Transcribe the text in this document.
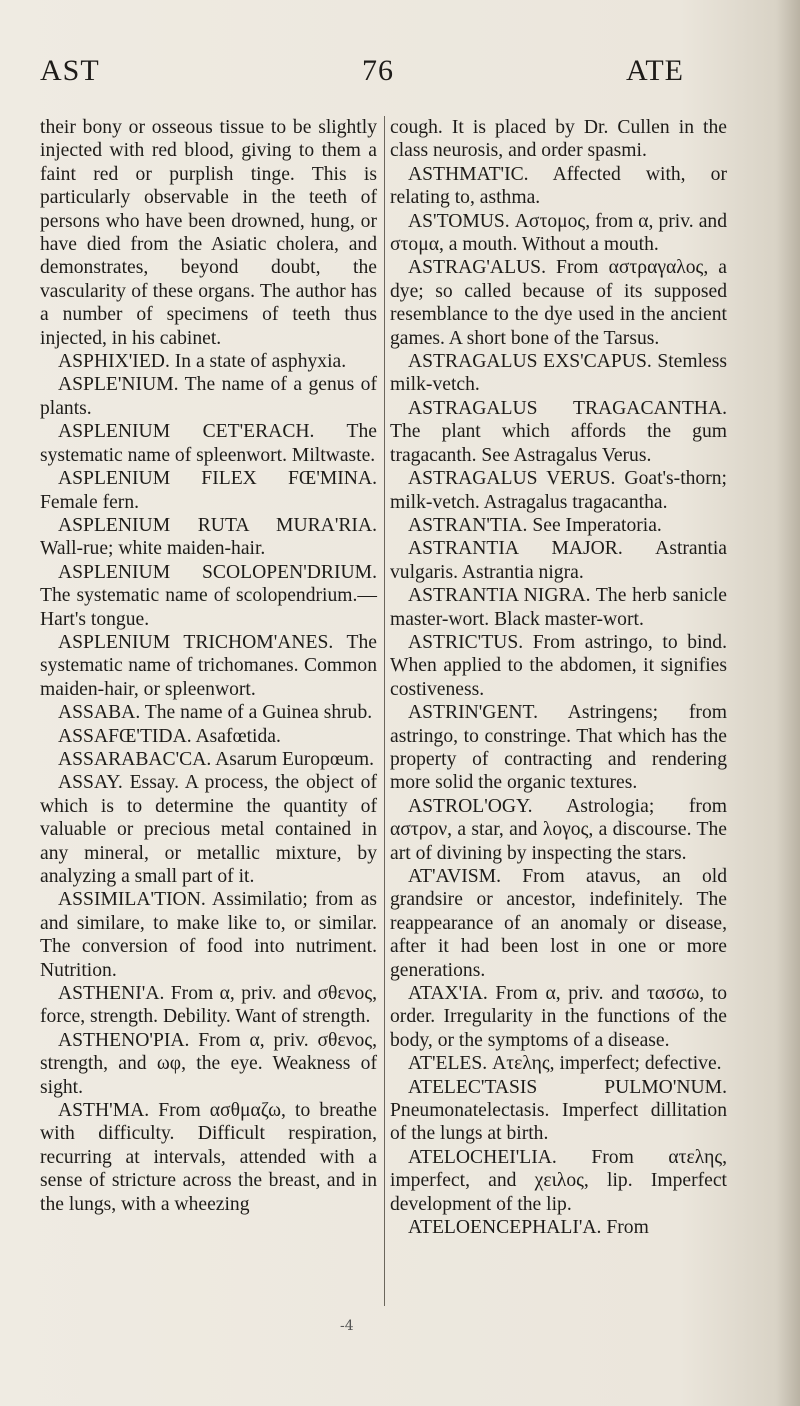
AST	76	ATE

their bony or osseous tissue to be slightly injected with red blood, giving to them a faint red or purplish tinge. This is particularly observable in the teeth of persons who have been drowned, hung, or have died from the Asiatic cholera, and demonstrates, beyond doubt, the vascularity of these organs. The author has a number of specimens of teeth thus injected, in his cabinet.

ASPHIX'IED. In a state of asphyxia.

ASPLE'NIUM. The name of a genus of plants.

ASPLENIUM CET'ERACH. The systematic name of spleenwort. Miltwaste.

ASPLENIUM FILEX FŒ'MINA. Female fern.

ASPLENIUM RUTA MURA'RIA. Wall-rue; white maiden-hair.

ASPLENIUM SCOLOPEN'DRIUM. The systematic name of scolopendrium.—Hart's tongue.

ASPLENIUM TRICHOM'ANES. The systematic name of trichomanes. Common maiden-hair, or spleenwort.

ASSABA. The name of a Guinea shrub.

ASSAFŒ'TIDA. Asafœtida.

ASSARABAC'CA. Asarum Europœum.

ASSAY. Essay. A process, the object of which is to determine the quantity of valuable or precious metal contained in any mineral, or metallic mixture, by analyzing a small part of it.

ASSIMILA'TION. Assimilatio; from as and similare, to make like to, or similar. The conversion of food into nutriment. Nutrition.

ASTHENI'A. From α, priv. and σθενος, force, strength. Debility. Want of strength.

ASTHENO'PIA. From α, priv. σθενος, strength, and ωφ, the eye. Weakness of sight.

ASTH'MA. From ασθμαζω, to breathe with difficulty. Difficult respiration, recurring at intervals, attended with a sense of stricture across the breast, and in the lungs, with a wheezing

cough. It is placed by Dr. Cullen in the class neurosis, and order spasmi.

ASTHMAT'IC. Affected with, or relating to, asthma.

AS'TOMUS. Αστομος, from α, priv. and στομα, a mouth. Without a mouth.

ASTRAG'ALUS. From αστραγαλος, a dye; so called because of its supposed resemblance to the dye used in the ancient games. A short bone of the Tarsus.

ASTRAGALUS EXS'CAPUS. Stemless milk-vetch.

ASTRAGALUS TRAGACANTHA. The plant which affords the gum tragacanth. See Astragalus Verus.

ASTRAGALUS VERUS. Goat's-thorn; milk-vetch. Astragalus tragacantha.

ASTRAN'TIA. See Imperatoria.

ASTRANTIA MAJOR. Astrantia vulgaris. Astrantia nigra.

ASTRANTIA NIGRA. The herb sanicle master-wort. Black master-wort.

ASTRIC'TUS. From astringo, to bind. When applied to the abdomen, it signifies costiveness.

ASTRIN'GENT. Astringens; from astringo, to constringe. That which has the property of contracting and rendering more solid the organic textures.

ASTROL'OGY. Astrologia; from αστρον, a star, and λογος, a discourse. The art of divining by inspecting the stars.

AT'AVISM. From atavus, an old grandsire or ancestor, indefinitely. The reappearance of an anomaly or disease, after it had been lost in one or more generations.

ATAX'IA. From α, priv. and τασσω, to order. Irregularity in the functions of the body, or the symptoms of a disease.

AT'ELES. Ατελης, imperfect; defective.

ATELEC'TASIS PULMO'NUM. Pneumonatelectasis. Imperfect dillitation of the lungs at birth.

ATELOCHEI'LIA. From ατελης, imperfect, and χειλος, lip. Imperfect development of the lip.

ATELOENCEPHALI'A. From

-4
